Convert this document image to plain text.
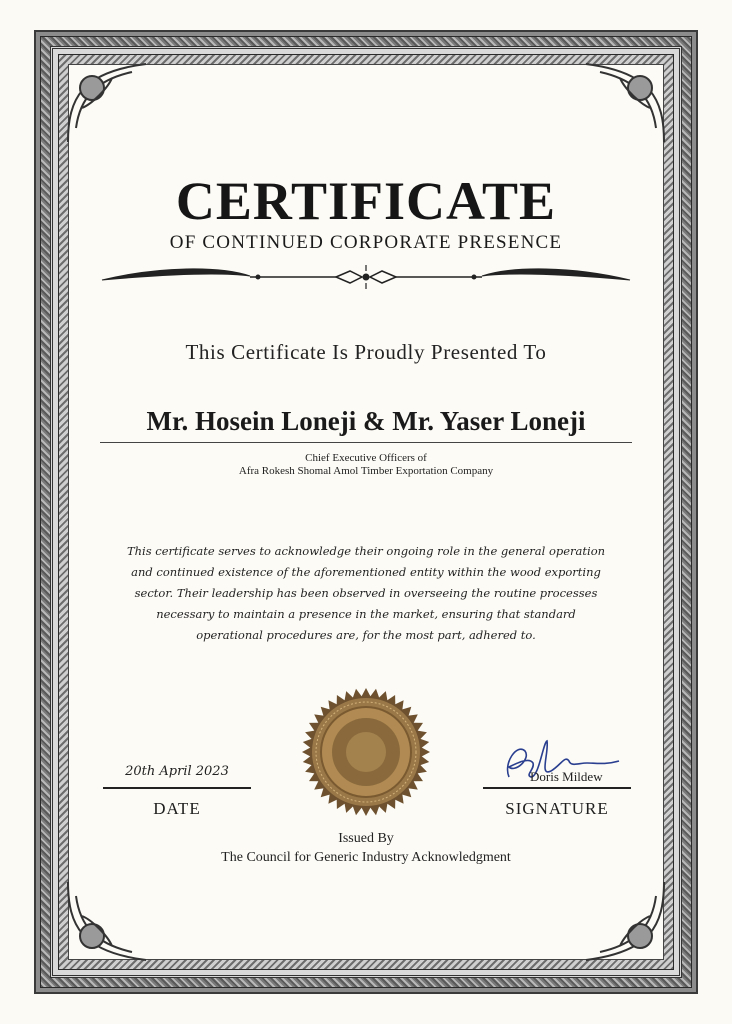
CERTIFICATE
OF CONTINUED CORPORATE PRESENCE
This Certificate Is Proudly Presented To
Mr. Hosein Loneji & Mr. Yaser Loneji
Chief Executive Officers of
Afra Rokesh Shomal Amol Timber Exportation Company
This certificate serves to acknowledge their ongoing role in the general operation and continued existence of the aforementioned entity within the wood exporting sector. Their leadership has been observed in overseeing the routine processes necessary to maintain a presence in the market, ensuring that standard operational procedures are, for the most part, adhered to.
20th April 2023
DATE
Doris Mildew
SIGNATURE
Issued By
The Council for Generic Industry Acknowledgment
